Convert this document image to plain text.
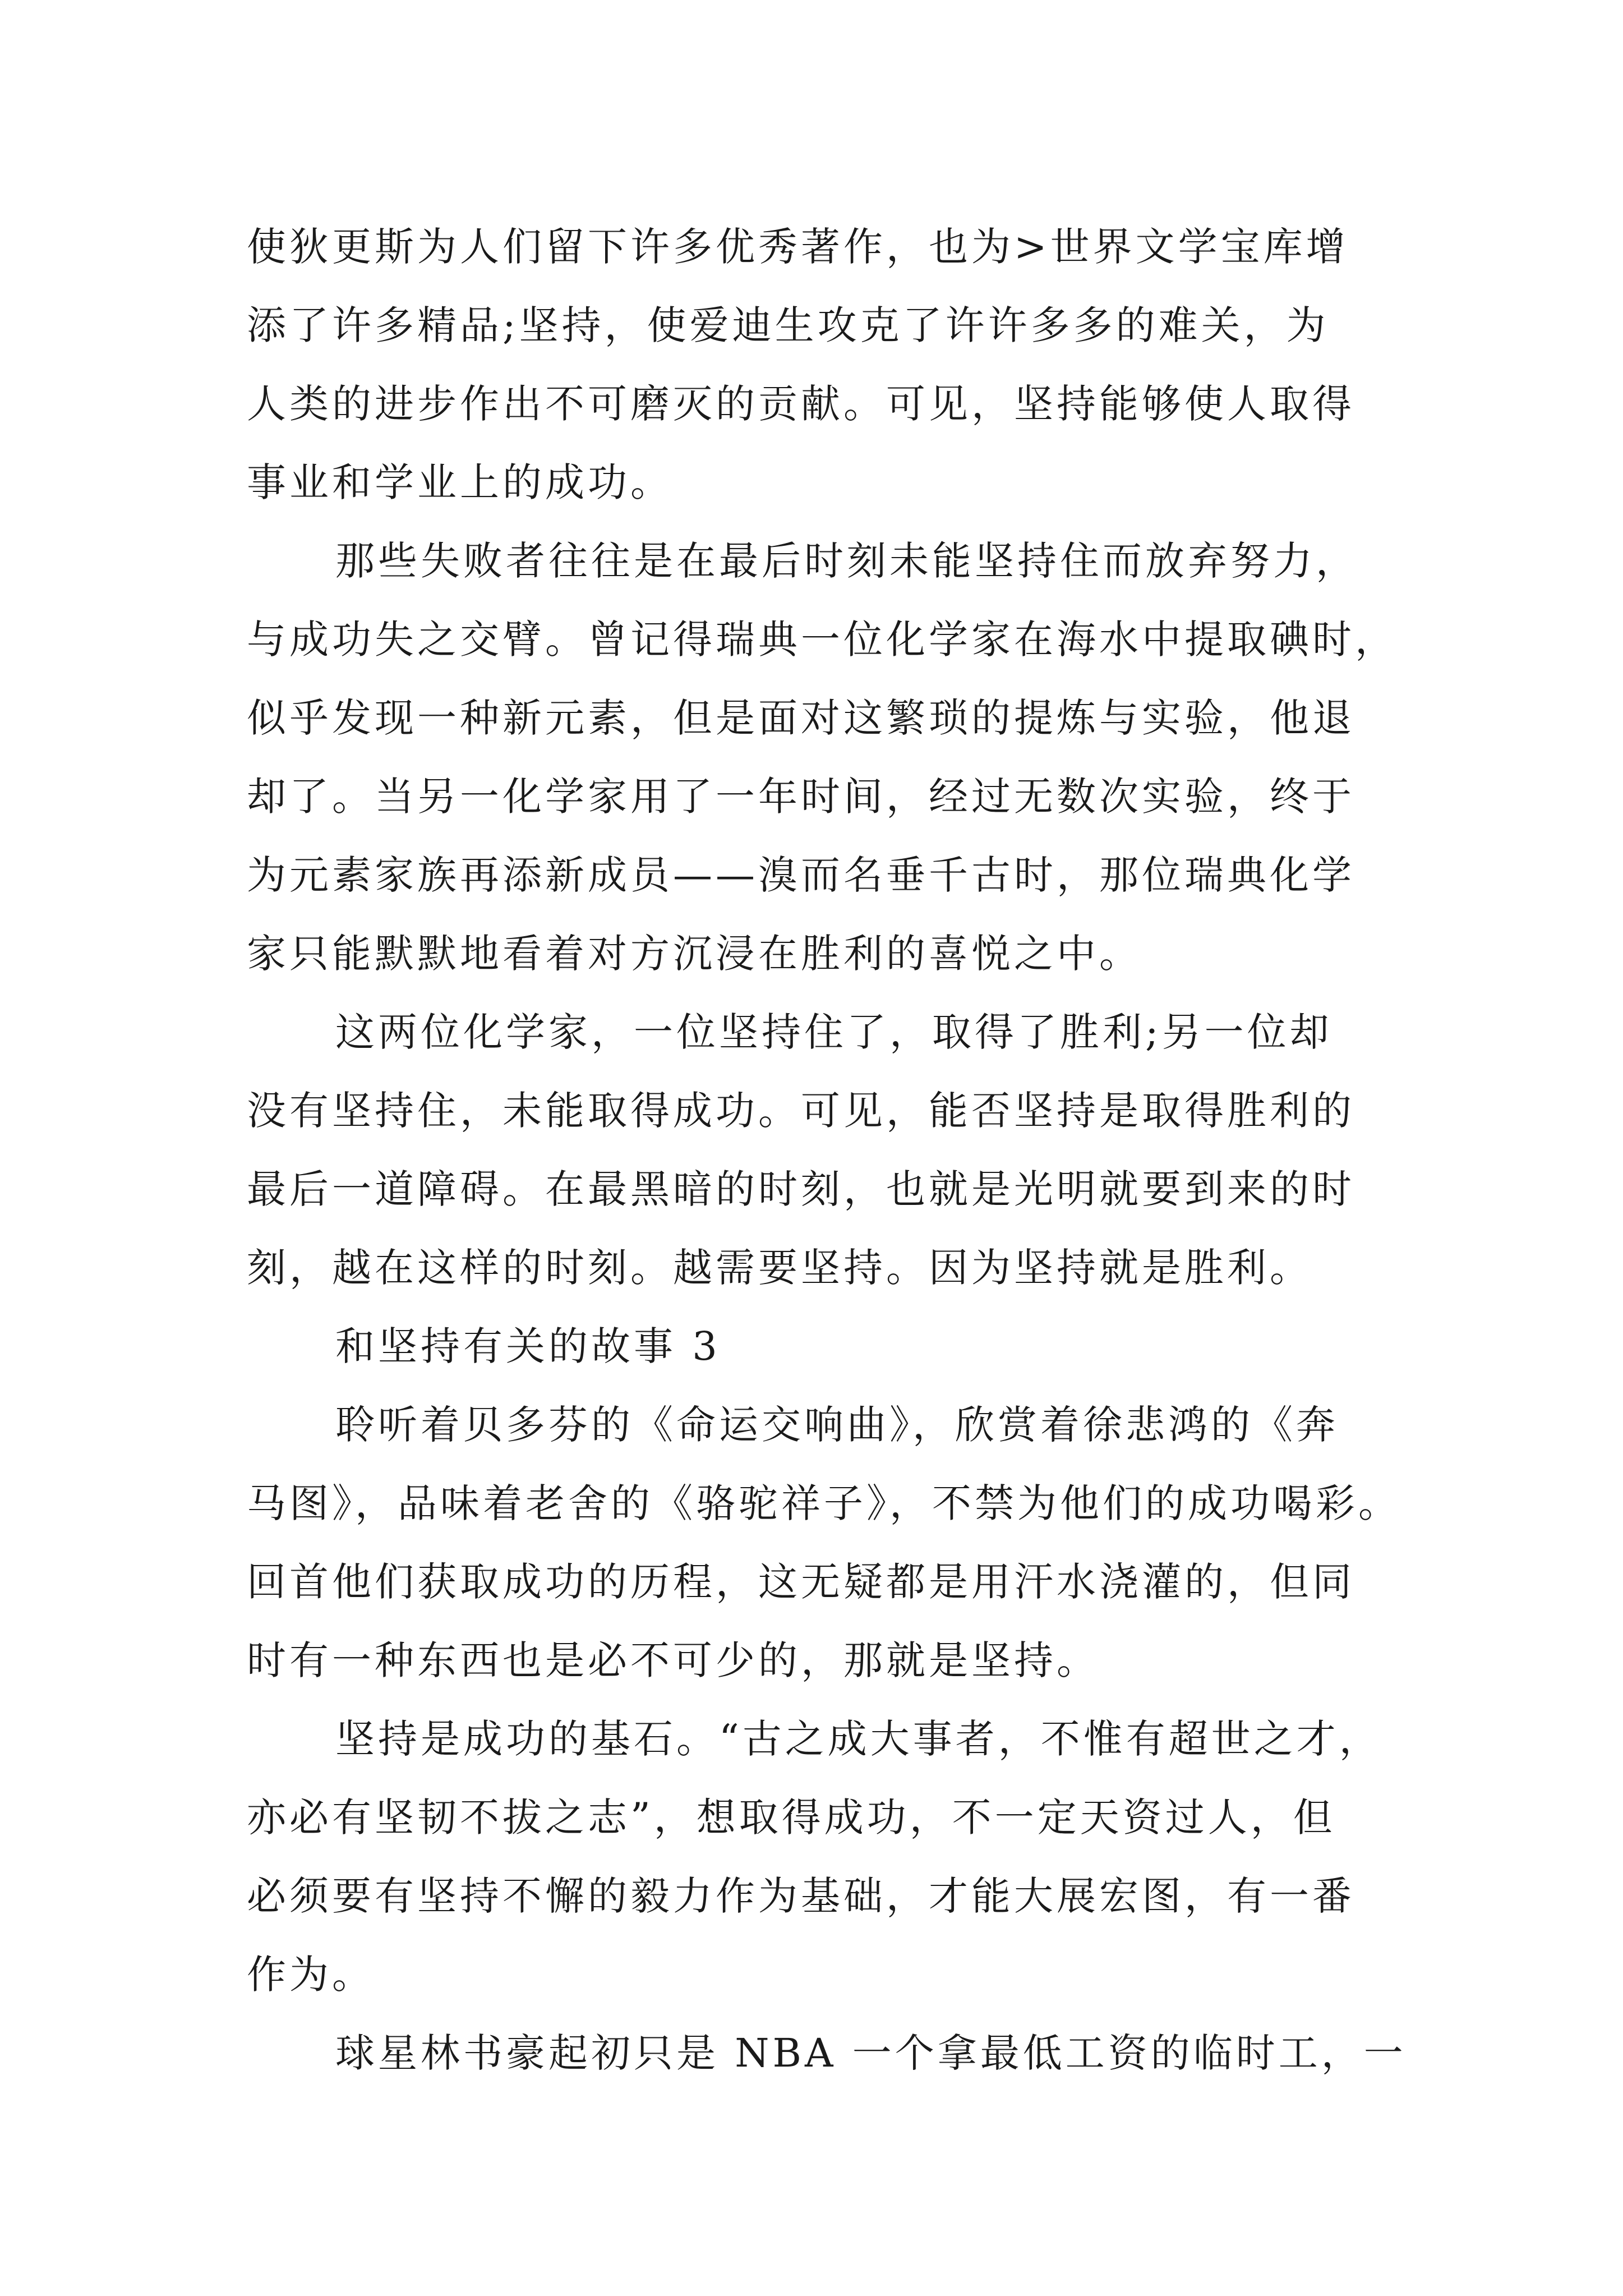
使狄更斯为人们留下许多优秀著作，也为>世界文学宝库增
添了许多精品;坚持，使爱迪生攻克了许许多多的难关，为
人类的进步作出不可磨灭的贡献。可见，坚持能够使人取得
事业和学业上的成功。
那些失败者往往是在最后时刻未能坚持住而放弃努力，
与成功失之交臂。曾记得瑞典一位化学家在海水中提取碘时，
似乎发现一种新元素，但是面对这繁琐的提炼与实验，他退
却了。当另一化学家用了一年时间，经过无数次实验，终于
为元素家族再添新成员——溴而名垂千古时，那位瑞典化学
家只能默默地看着对方沉浸在胜利的喜悦之中。
这两位化学家，一位坚持住了，取得了胜利;另一位却
没有坚持住，未能取得成功。可见，能否坚持是取得胜利的
最后一道障碍。在最黑暗的时刻，也就是光明就要到来的时
刻，越在这样的时刻。越需要坚持。因为坚持就是胜利。
和坚持有关的故事 3
聆听着贝多芬的《命运交响曲》，欣赏着徐悲鸿的《奔
马图》，品味着老舍的《骆驼祥子》，不禁为他们的成功喝彩。
回首他们获取成功的历程，这无疑都是用汗水浇灌的，但同
时有一种东西也是必不可少的，那就是坚持。
坚持是成功的基石。“古之成大事者，不惟有超世之才，
亦必有坚韧不拔之志”，想取得成功，不一定天资过人，但
必须要有坚持不懈的毅力作为基础，才能大展宏图，有一番
作为。
球星林书豪起初只是 NBA 一个拿最低工资的临时工，一
